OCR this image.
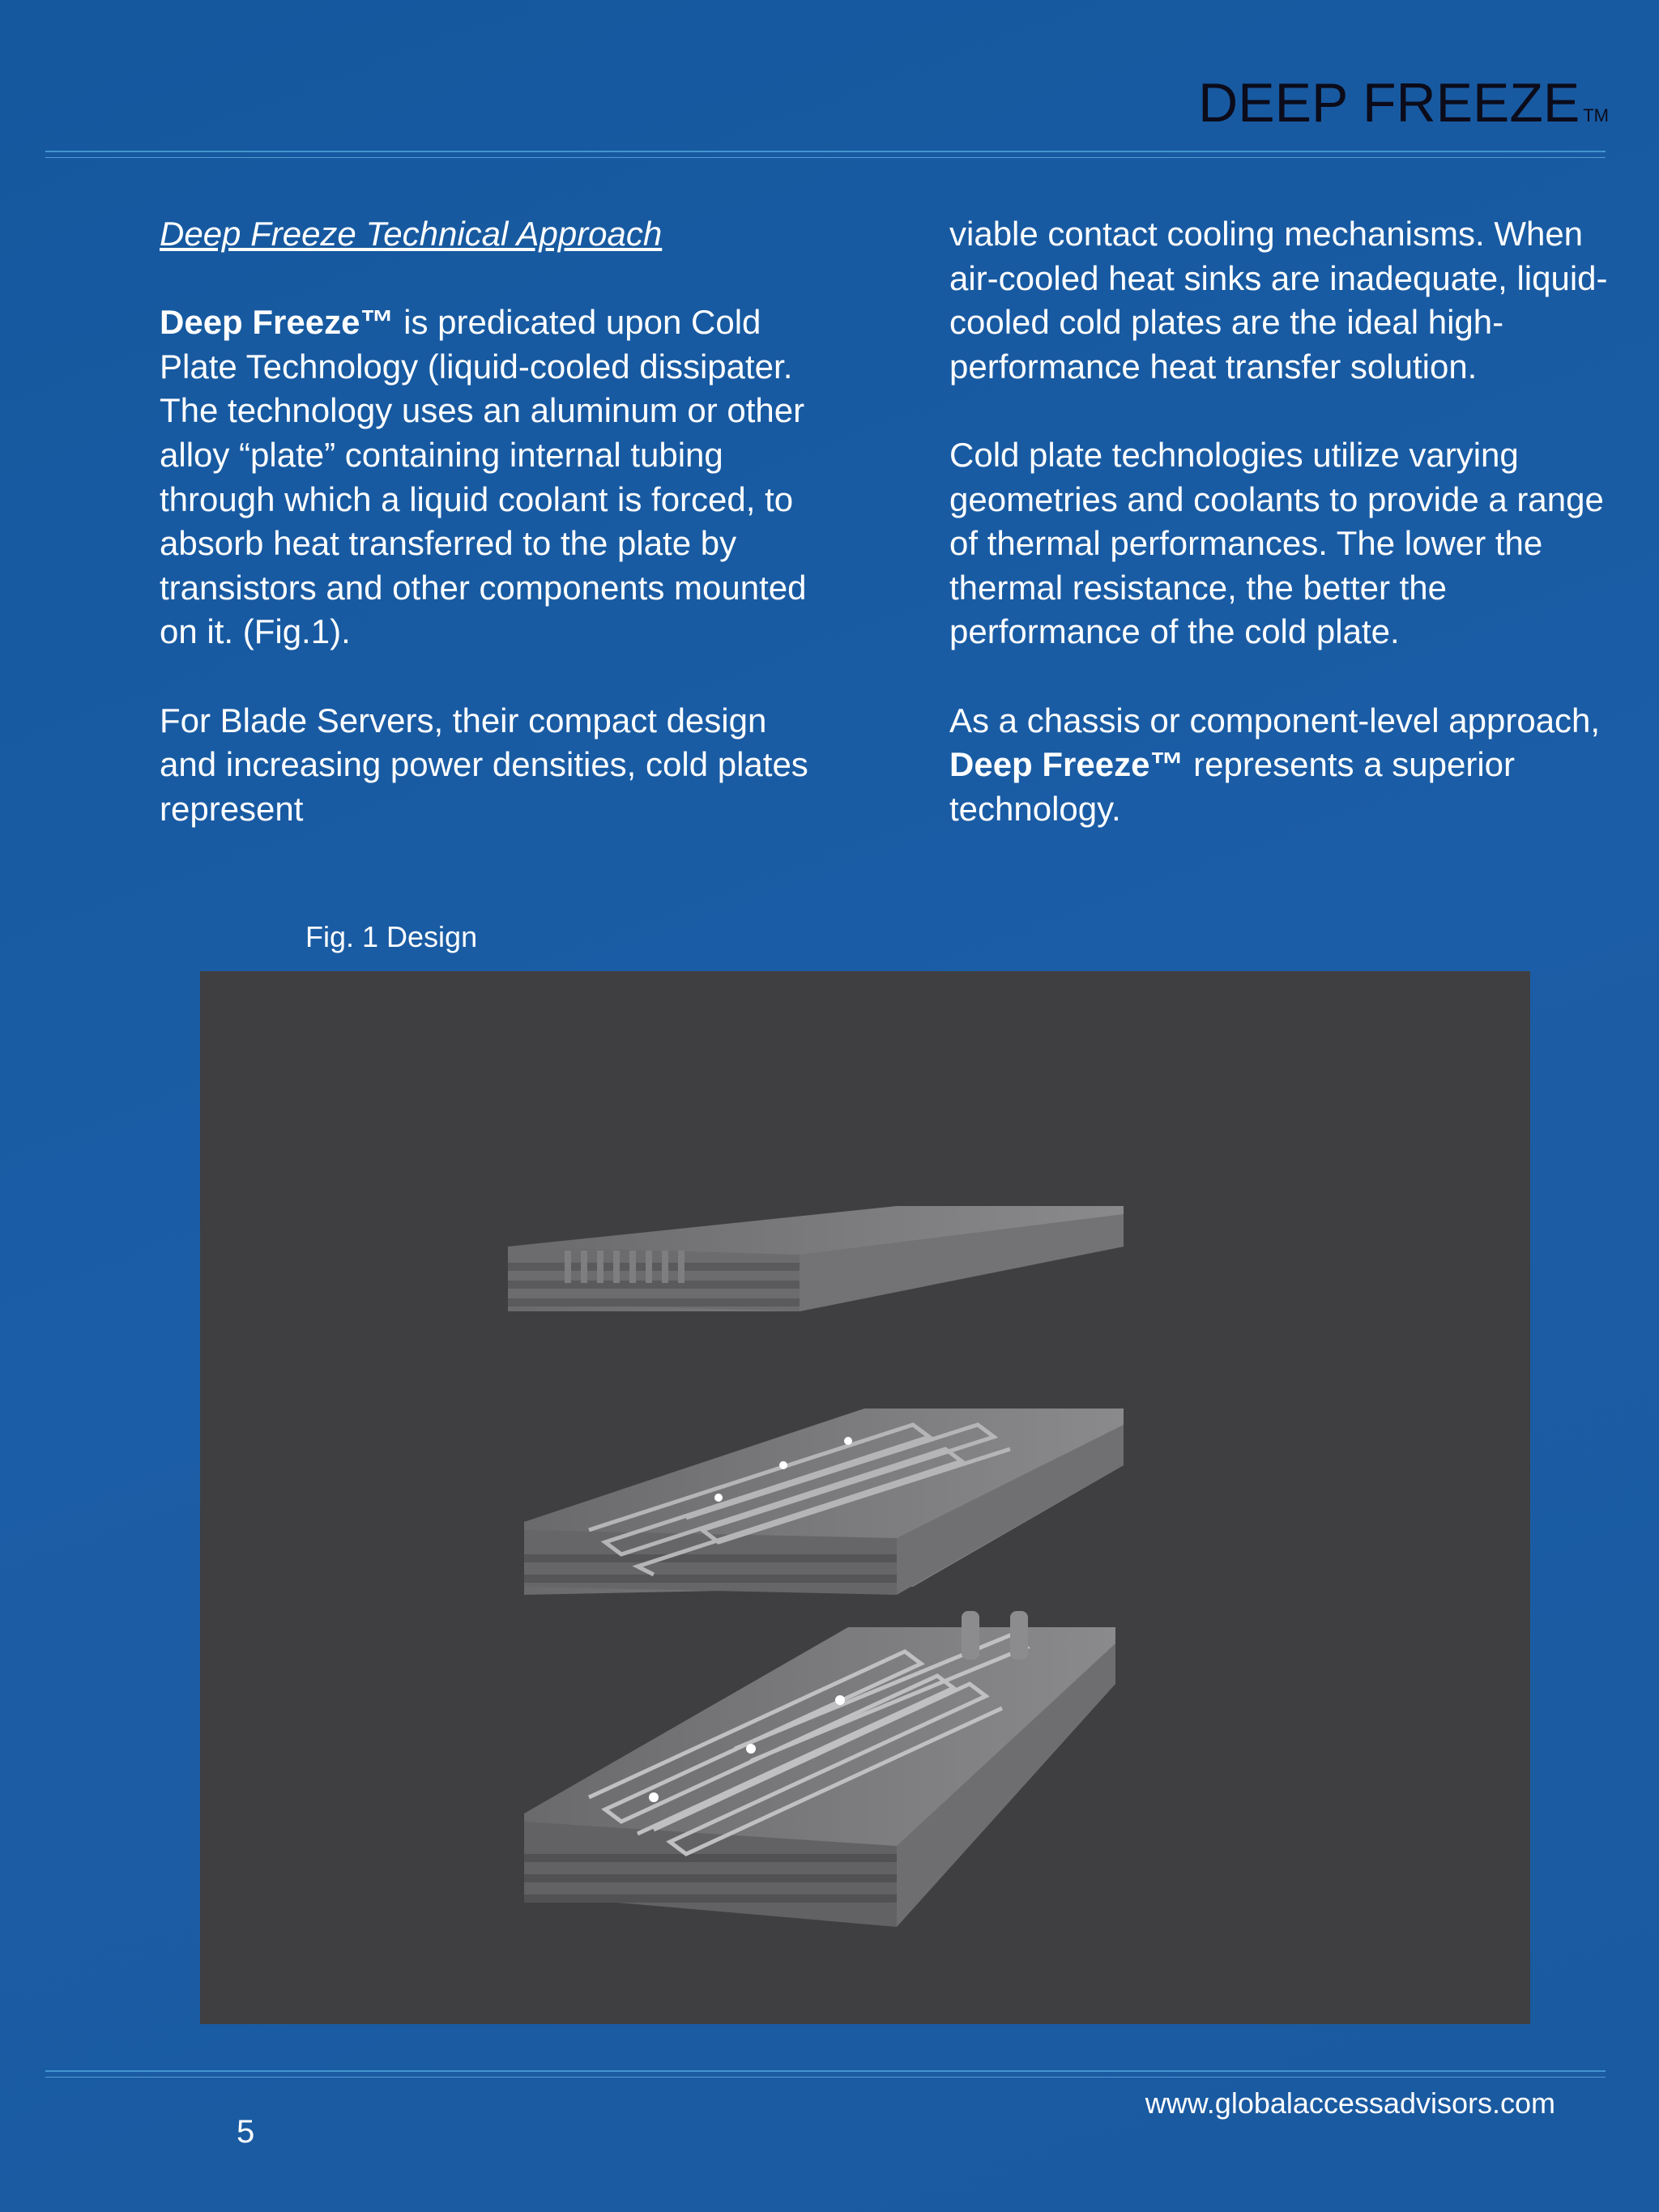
DEEP FREEZE TM

Deep Freeze Technical Approach

Deep Freeze™ is predicated upon Cold Plate Technology (liquid-cooled dissipater. The technology uses an aluminum or other alloy “plate” containing internal tubing through which a liquid coolant is forced, to absorb heat transferred to the plate by transistors and other components mounted on it. (Fig.1).

For Blade Servers, their compact design and increasing power densities, cold plates represent

viable contact cooling mechanisms. When air-cooled heat sinks are inadequate, liquid-cooled cold plates are the ideal high-performance heat transfer solution.

Cold plate technologies utilize varying geometries and coolants to provide a range of thermal performances. The lower the thermal resistance, the better the performance of the cold plate.

As a chassis or component-level approach, Deep Freeze™ represents a superior technology.

Fig. 1 Design
www.globalaccessadvisors.com
5
